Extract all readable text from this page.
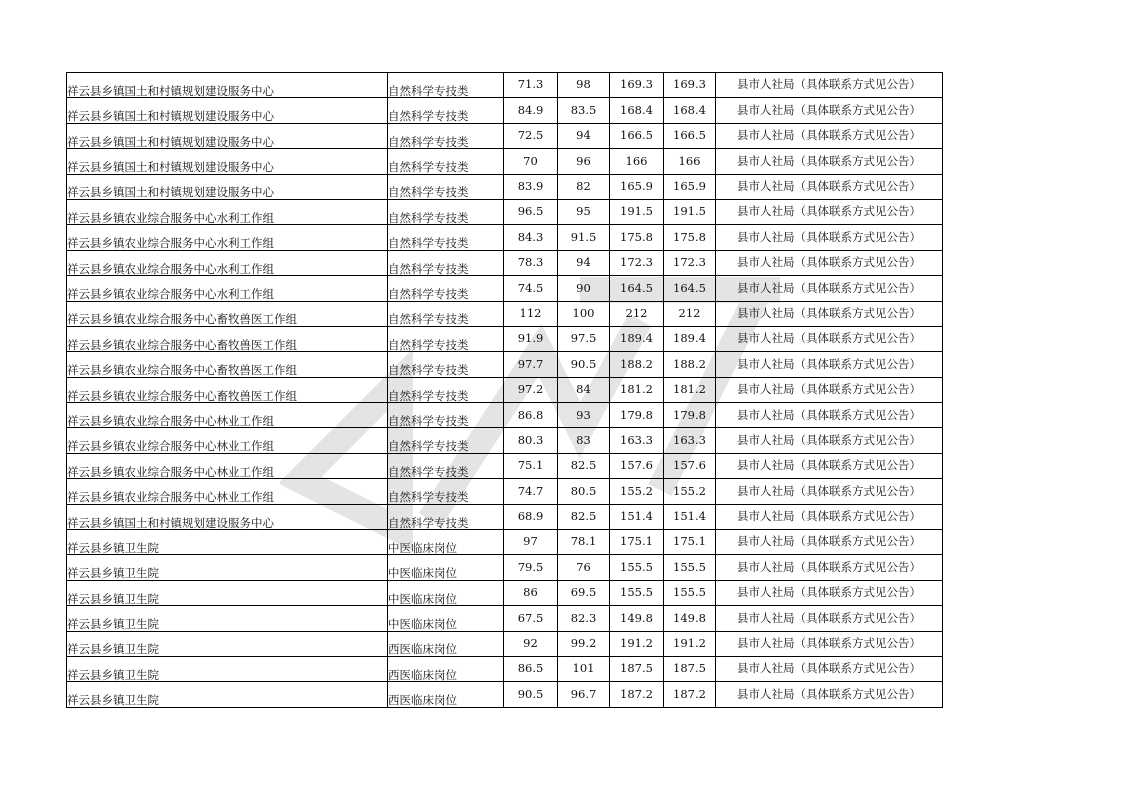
祥云县乡镇国土和村镇规划建设服务中心	自然科学专技类	71.3	98	169.3	169.3	县市人社局（具体联系方式见公告）
祥云县乡镇国土和村镇规划建设服务中心	自然科学专技类	84.9	83.5	168.4	168.4	县市人社局（具体联系方式见公告）
祥云县乡镇国土和村镇规划建设服务中心	自然科学专技类	72.5	94	166.5	166.5	县市人社局（具体联系方式见公告）
祥云县乡镇国土和村镇规划建设服务中心	自然科学专技类	70	96	166	166	县市人社局（具体联系方式见公告）
祥云县乡镇国土和村镇规划建设服务中心	自然科学专技类	83.9	82	165.9	165.9	县市人社局（具体联系方式见公告）
祥云县乡镇农业综合服务中心水利工作组	自然科学专技类	96.5	95	191.5	191.5	县市人社局（具体联系方式见公告）
祥云县乡镇农业综合服务中心水利工作组	自然科学专技类	84.3	91.5	175.8	175.8	县市人社局（具体联系方式见公告）
祥云县乡镇农业综合服务中心水利工作组	自然科学专技类	78.3	94	172.3	172.3	县市人社局（具体联系方式见公告）
祥云县乡镇农业综合服务中心水利工作组	自然科学专技类	74.5	90	164.5	164.5	县市人社局（具体联系方式见公告）
祥云县乡镇农业综合服务中心畜牧兽医工作组	自然科学专技类	112	100	212	212	县市人社局（具体联系方式见公告）
祥云县乡镇农业综合服务中心畜牧兽医工作组	自然科学专技类	91.9	97.5	189.4	189.4	县市人社局（具体联系方式见公告）
祥云县乡镇农业综合服务中心畜牧兽医工作组	自然科学专技类	97.7	90.5	188.2	188.2	县市人社局（具体联系方式见公告）
祥云县乡镇农业综合服务中心畜牧兽医工作组	自然科学专技类	97.2	84	181.2	181.2	县市人社局（具体联系方式见公告）
祥云县乡镇农业综合服务中心林业工作组	自然科学专技类	86.8	93	179.8	179.8	县市人社局（具体联系方式见公告）
祥云县乡镇农业综合服务中心林业工作组	自然科学专技类	80.3	83	163.3	163.3	县市人社局（具体联系方式见公告）
祥云县乡镇农业综合服务中心林业工作组	自然科学专技类	75.1	82.5	157.6	157.6	县市人社局（具体联系方式见公告）
祥云县乡镇农业综合服务中心林业工作组	自然科学专技类	74.7	80.5	155.2	155.2	县市人社局（具体联系方式见公告）
祥云县乡镇国土和村镇规划建设服务中心	自然科学专技类	68.9	82.5	151.4	151.4	县市人社局（具体联系方式见公告）
祥云县乡镇卫生院	中医临床岗位	97	78.1	175.1	175.1	县市人社局（具体联系方式见公告）
祥云县乡镇卫生院	中医临床岗位	79.5	76	155.5	155.5	县市人社局（具体联系方式见公告）
祥云县乡镇卫生院	中医临床岗位	86	69.5	155.5	155.5	县市人社局（具体联系方式见公告）
祥云县乡镇卫生院	中医临床岗位	67.5	82.3	149.8	149.8	县市人社局（具体联系方式见公告）
祥云县乡镇卫生院	西医临床岗位	92	99.2	191.2	191.2	县市人社局（具体联系方式见公告）
祥云县乡镇卫生院	西医临床岗位	86.5	101	187.5	187.5	县市人社局（具体联系方式见公告）
祥云县乡镇卫生院	西医临床岗位	90.5	96.7	187.2	187.2	县市人社局（具体联系方式见公告）
